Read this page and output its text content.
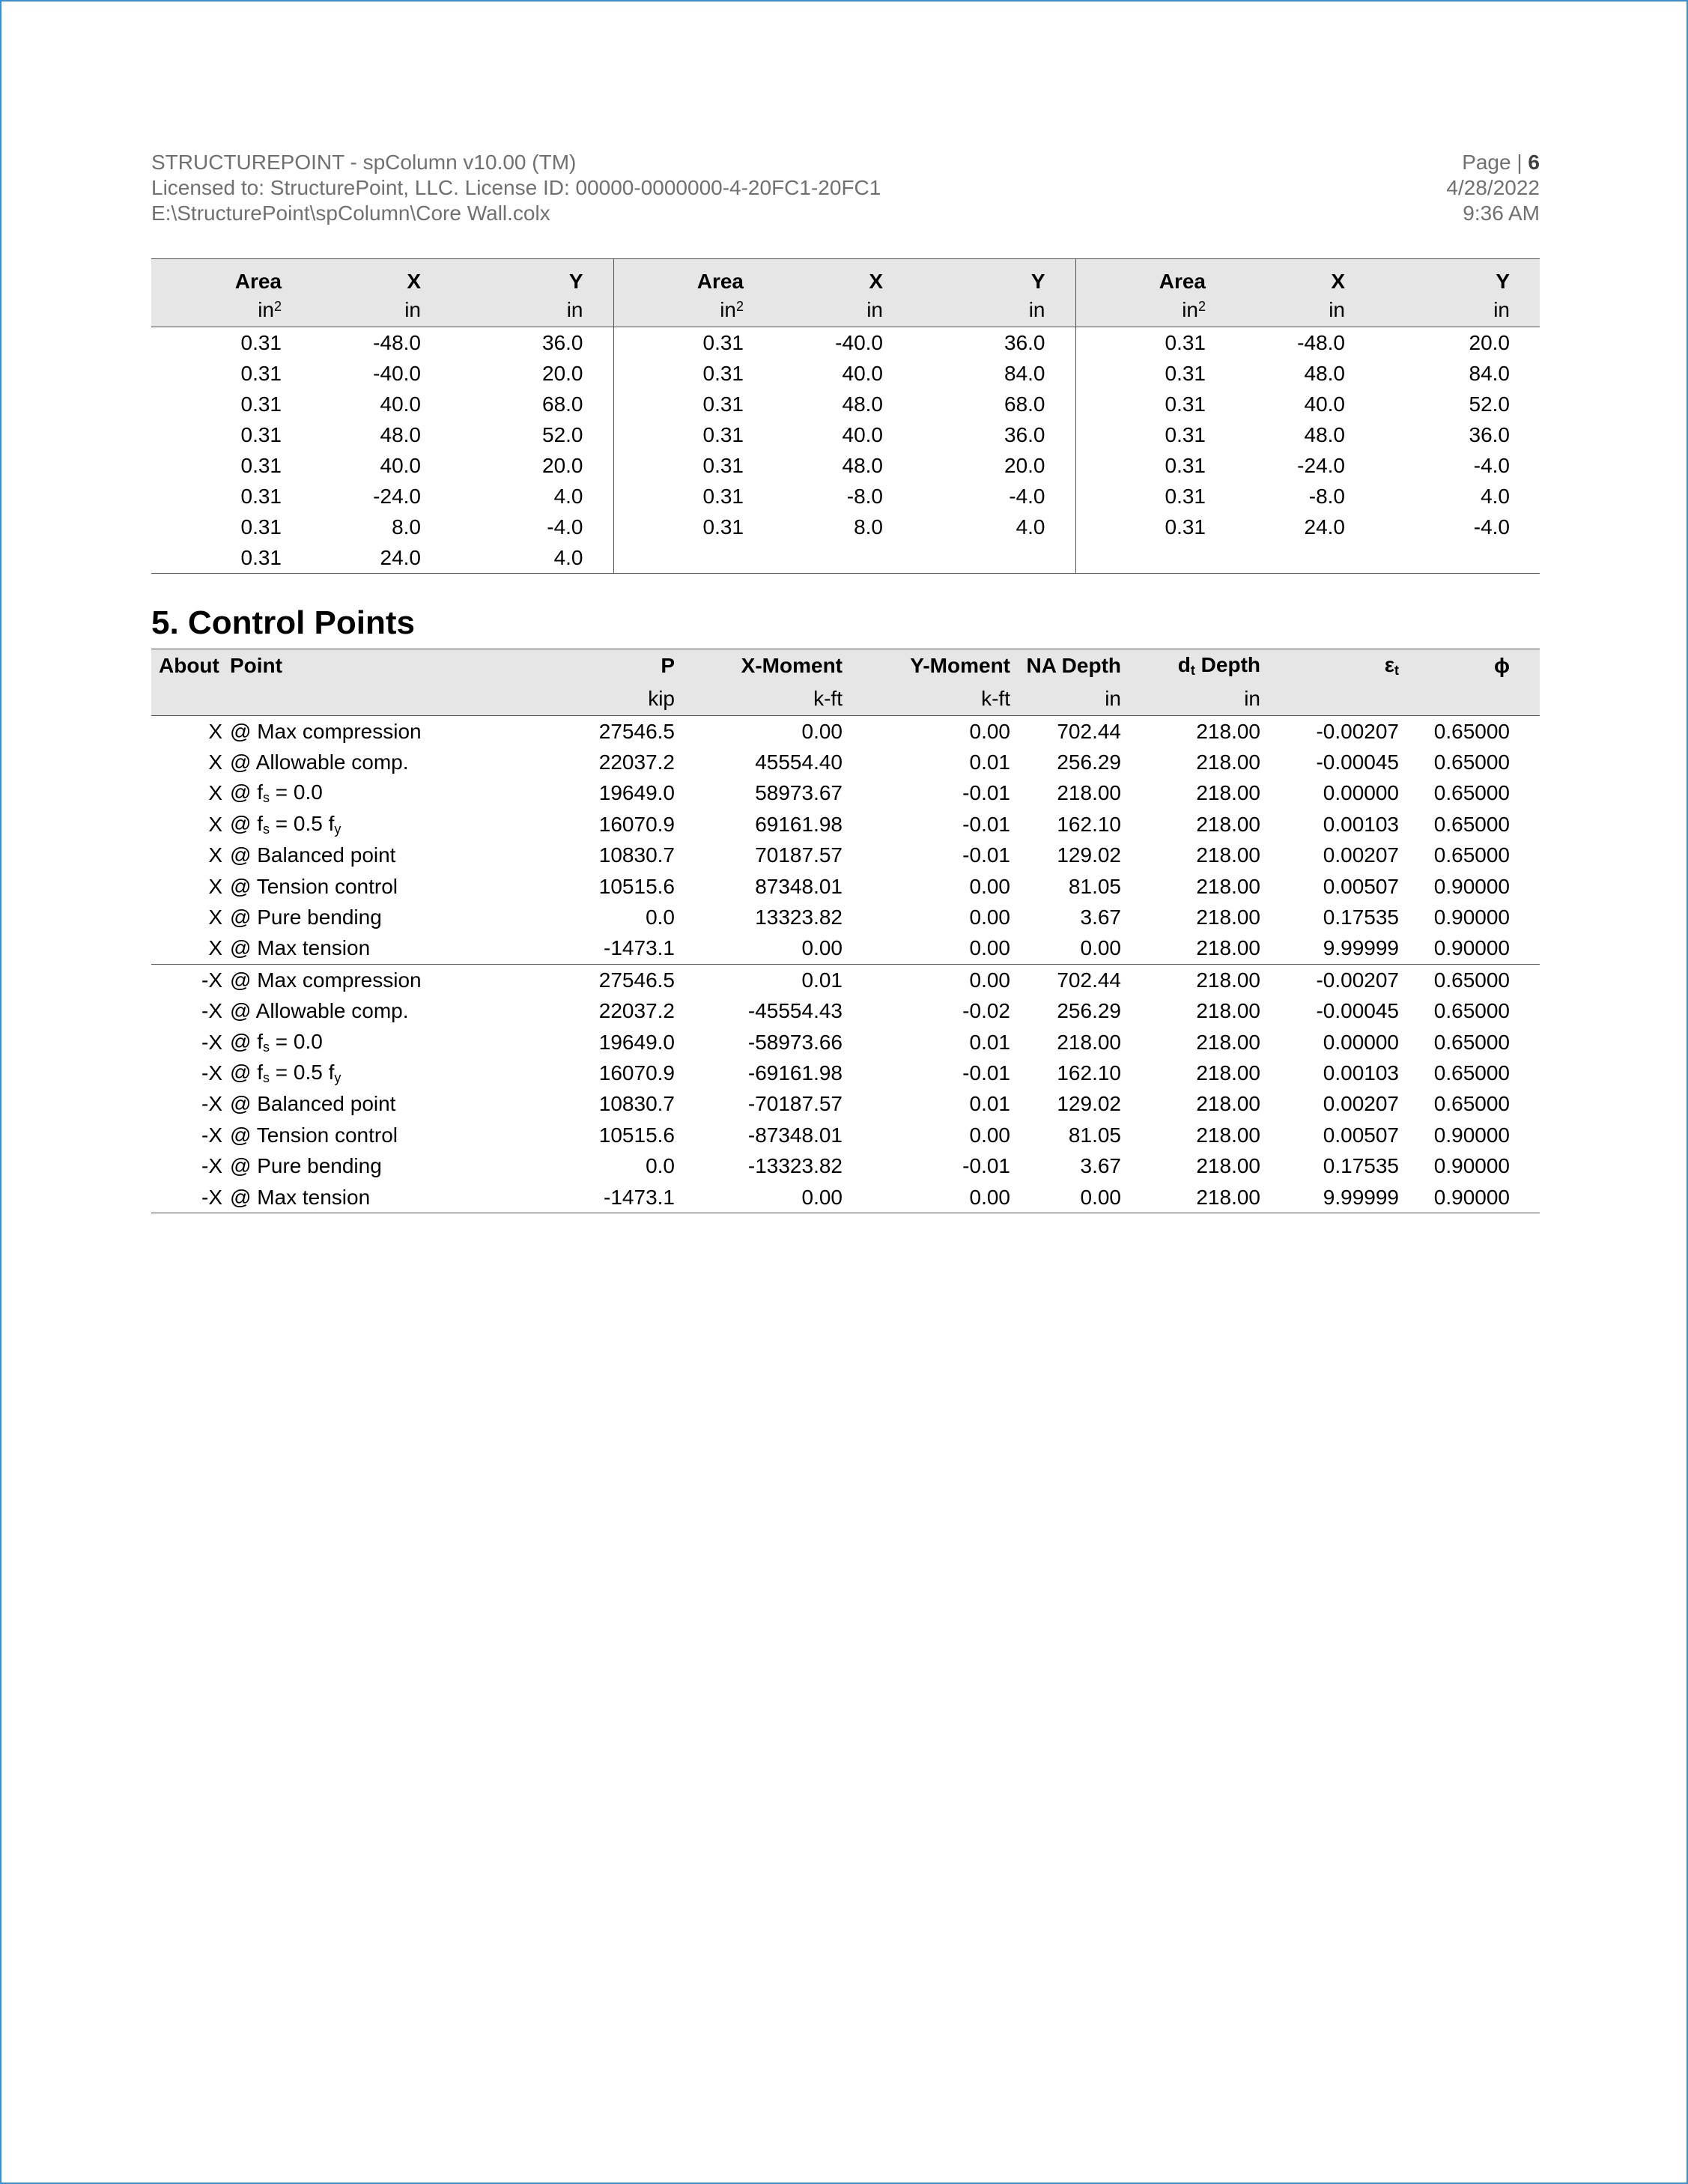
STRUCTUREPOINT - spColumn v10.00 (TM)
Licensed to: StructurePoint, LLC. License ID: 00000-0000000-4-20FC1-20FC1
E:\StructurePoint\spColumn\Core Wall.colx
Page | 6
4/28/2022
9:36 AM
Area	X	Y	Area	X	Y	Area	X	Y
$in^2$	in	in	$in^2$	in	in	$in^2$	in	in
0.31	-48.0	36.0	0.31	-40.0	36.0	0.31	-48.0	20.0
0.31	-40.0	20.0	0.31	40.0	84.0	0.31	48.0	84.0
0.31	40.0	68.0	0.31	48.0	68.0	0.31	40.0	52.0
0.31	48.0	52.0	0.31	40.0	36.0	0.31	48.0	36.0
0.31	40.0	20.0	0.31	48.0	20.0	0.31	-24.0	-4.0
0.31	-24.0	4.0	0.31	-8.0	-4.0	0.31	-8.0	4.0
0.31	8.0	-4.0	0.31	8.0	4.0	0.31	24.0	-4.0
0.31	24.0	4.0						
5. Control Points
About	Point	P	X-Moment	Y-Moment	NA Depth	$d_t$ Depth	$\varepsilon_t$	ϕ
		kip	k-ft	k-ft	in	in		
X	@ Max compression	27546.5	0.00	0.00	702.44	218.00	-0.00207	0.65000
X	@ Allowable comp.	22037.2	45554.40	0.01	256.29	218.00	-0.00045	0.65000
X	@ $f_s = 0.0$	19649.0	58973.67	-0.01	218.00	218.00	0.00000	0.65000
X	@ $f_s = 0.5$ $f_y$	16070.9	69161.98	-0.01	162.10	218.00	0.00103	0.65000
X	@ Balanced point	10830.7	70187.57	-0.01	129.02	218.00	0.00207	0.65000
X	@ Tension control	10515.6	87348.01	0.00	81.05	218.00	0.00507	0.90000
X	@ Pure bending	0.0	13323.82	0.00	3.67	218.00	0.17535	0.90000
X	@ Max tension	-1473.1	0.00	0.00	0.00	218.00	9.99999	0.90000
-X	@ Max compression	27546.5	0.01	0.00	702.44	218.00	-0.00207	0.65000
-X	@ Allowable comp.	22037.2	-45554.43	-0.02	256.29	218.00	-0.00045	0.65000
-X	@ $f_s = 0.0$	19649.0	-58973.66	0.01	218.00	218.00	0.00000	0.65000
-X	@ $f_s = 0.5$ $f_y$	16070.9	-69161.98	-0.01	162.10	218.00	0.00103	0.65000
-X	@ Balanced point	10830.7	-70187.57	0.01	129.02	218.00	0.00207	0.65000
-X	@ Tension control	10515.6	-87348.01	0.00	81.05	218.00	0.00507	0.90000
-X	@ Pure bending	0.0	-13323.82	-0.01	3.67	218.00	0.17535	0.90000
-X	@ Max tension	-1473.1	0.00	0.00	0.00	218.00	9.99999	0.90000
